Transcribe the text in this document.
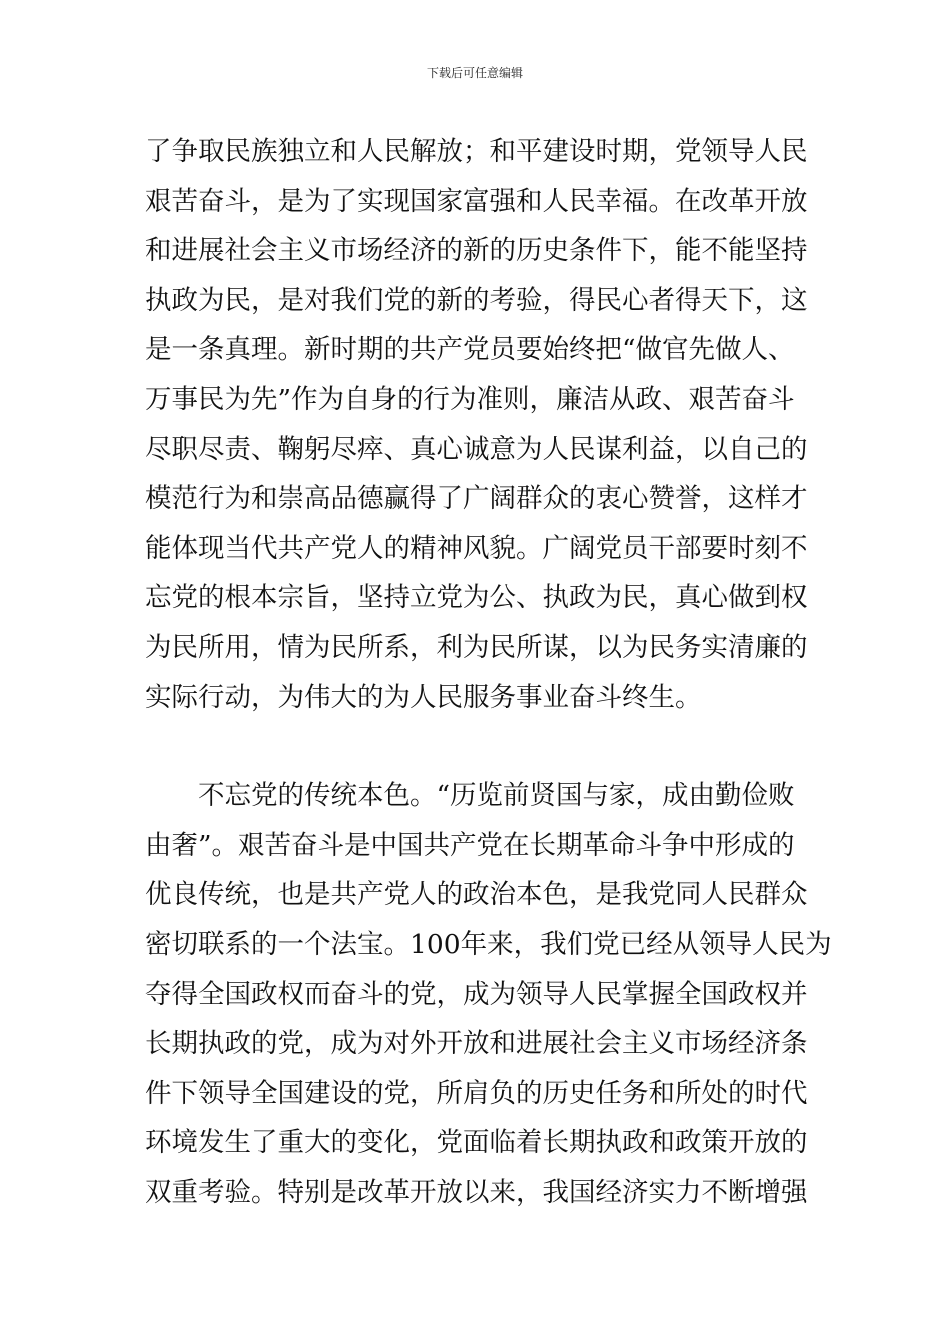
下载后可任意编辑
了争取民族独立和人民解放；和平建设时期，党领导人民
艰苦奋斗，是为了实现国家富强和人民幸福。在改革开放
和进展社会主义市场经济的新的历史条件下，能不能坚持
执政为民，是对我们党的新的考验，得民心者得天下，这
是一条真理。新时期的共产党员要始终把“做官先做人、
万事民为先”作为自身的行为准则，廉洁从政、艰苦奋斗
尽职尽责、鞠躬尽瘁、真心诚意为人民谋利益，以自己的
模范行为和崇高品德赢得了广阔群众的衷心赞誉，这样才
能体现当代共产党人的精神风貌。广阔党员干部要时刻不
忘党的根本宗旨，坚持立党为公、执政为民，真心做到权
为民所用，情为民所系，利为民所谋，以为民务实清廉的
实际行动，为伟大的为人民服务事业奋斗终生。
不忘党的传统本色。“历览前贤国与家，成由勤俭败
由奢”。艰苦奋斗是中国共产党在长期革命斗争中形成的
优良传统，也是共产党人的政治本色，是我党同人民群众
密切联系的一个法宝。100年来，我们党已经从领导人民为
夺得全国政权而奋斗的党，成为领导人民掌握全国政权并
长期执政的党，成为对外开放和进展社会主义市场经济条
件下领导全国建设的党，所肩负的历史任务和所处的时代
环境发生了重大的变化，党面临着长期执政和政策开放的
双重考验。特别是改革开放以来，我国经济实力不断增强
